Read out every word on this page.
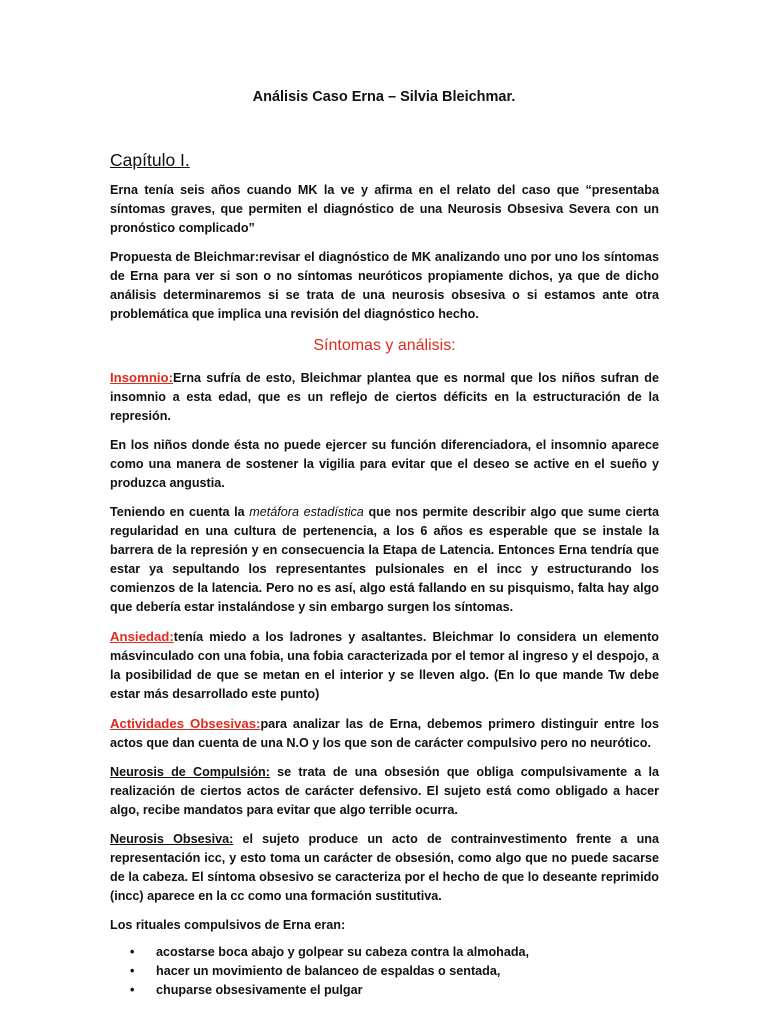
Análisis Caso Erna – Silvia Bleichmar.
Capítulo I.

Erna tenía seis años cuando MK la ve y afirma en el relato del caso que “presentaba síntomas graves, que permiten el diagnóstico de una Neurosis Obsesiva Severa con un pronóstico complicado”

Propuesta de Bleichmar:revisar el diagnóstico de MK analizando uno por uno los síntomas de Erna para ver si son o no síntomas neuróticos propiamente dichos, ya que de dicho análisis determinaremos si se trata de una neurosis obsesiva o si estamos ante otra problemática que implica una revisión del diagnóstico hecho.

Síntomas y análisis:

Insomnio:Erna sufría de esto, Bleichmar plantea que es normal que los niños sufran de insomnio a esta edad, que es un reflejo de ciertos déficits en la estructuración de la represión.

En los niños donde ésta no puede ejercer su función diferenciadora, el insomnio aparece como una manera de sostener la vigilia para evitar que el deseo se active en el sueño y produzca angustia.

Teniendo en cuenta la metáfora estadística que nos permite describir algo que sume cierta regularidad en una cultura de pertenencia, a los 6 años es esperable que se instale la barrera de la represión y en consecuencia la Etapa de Latencia. Entonces Erna tendría que estar ya sepultando los representantes pulsionales en el incc y estructurando los comienzos de la latencia. Pero no es así, algo está fallando en su pisquismo, falta hay algo que debería estar instalándose y sin embargo surgen los síntomas.

Ansiedad:tenía miedo a los ladrones y asaltantes. Bleichmar lo considera un elemento másvinculado con una fobia, una fobia caracterizada por el temor al ingreso y el despojo, a la posibilidad de que se metan en el interior y se lleven algo. (En lo que mande Tw debe estar más desarrollado este punto)

Actividades Obsesivas:para analizar las de Erna, debemos primero distinguir entre los actos que dan cuenta de una N.O y los que son de carácter compulsivo pero no neurótico.

Neurosis de Compulsión: se trata de una obsesión que obliga compulsivamente a la realización de ciertos actos de carácter defensivo. El sujeto está como obligado a hacer algo, recibe mandatos para evitar que algo terrible ocurra.

Neurosis Obsesiva: el sujeto produce un acto de contrainvestimento frente a una representación icc, y esto toma un carácter de obsesión, como algo que no puede sacarse de la cabeza. El síntoma obsesivo se caracteriza por el hecho de que lo deseante reprimido (incc) aparece en la cc como una formación sustitutiva.

Los rituales compulsivos de Erna eran:

• acostarse boca abajo y golpear su cabeza contra la almohada,
• hacer un movimiento de balanceo de espaldas o sentada,
• chuparse obsesivamente el pulgar
